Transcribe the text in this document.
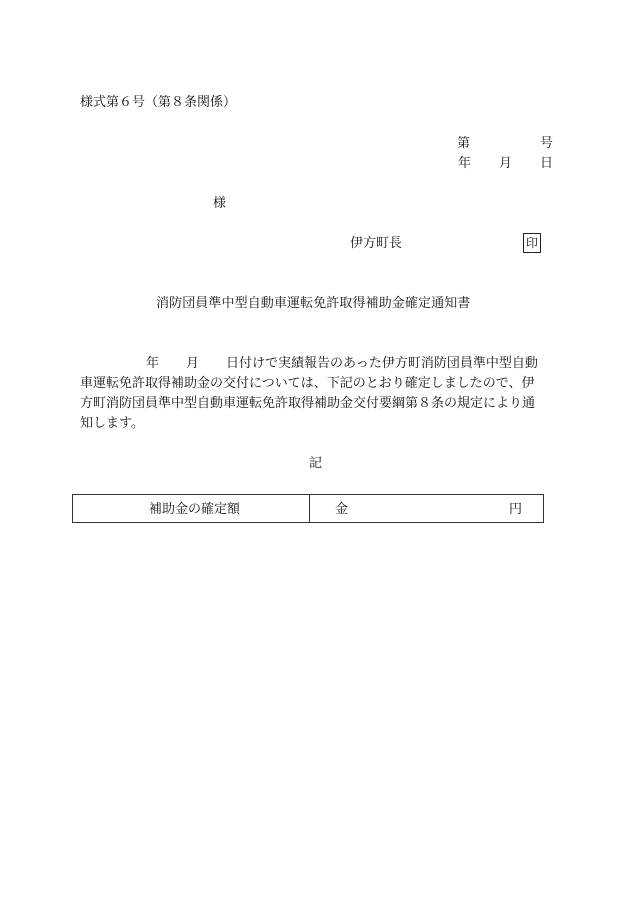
様式第６号（第８条関係）
第	号
年 月 日
様
伊方町長	印
消防団員準中型自動車運転免許取得補助金確定通知書
年 月 日付けで実績報告のあった伊方町消防団員準中型自動
車運転免許取得補助金の交付については、下記のとおり確定しましたので、伊
方町消防団員準中型自動車運転免許取得補助金交付要綱第８条の規定により通
知します。
記
補助金の確定額	金	円
